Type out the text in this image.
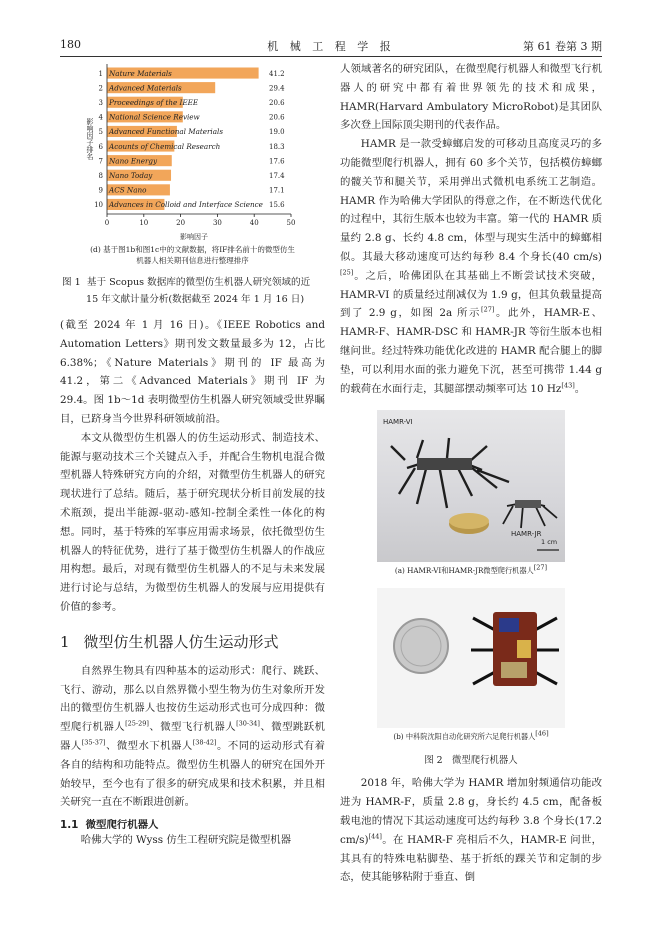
180	机 械 工 程 学 报	第 61 卷第 3 期
1 Nature Materials	41.2
2 Advanced Materials	29.4
3 Proceedings of the IEEE	20.6
4 National Science Review	20.6
5 Advanced Functional Materials	19.0
6 Acounts of Chemical Research	18.3
7 Nano Energy	17.6
8 Nano Today	17.4
9 ACS Nano	17.1
10 Advances in Colloid and Interface Science 15.6
0	10	20	30	40	50
影响因子
影响因子排名
(d) 基于图1b和图1c中的文献数据，将IF排名前十的微型仿生
机器人相关期刊信息进行整理排序
图 1 基于 Scopus 数据库的微型仿生机器人研究领域的近
15 年文献计量分析(数据截至 2024 年 1 月 16 日)

(截至 2024 年 1 月 16 日)。《IEEE Robotics and Automation Letters》期刊发文数量最多为 12，占比 6.38%；《Nature Materials》期刊的 IF 最高为 41.2，第二《Advanced Materials》期刊 IF 为 29.4。图 1b～1d 表明微型仿生机器人研究领域受世界瞩目，已跻身当今世界科研领域前沿。

本文从微型仿生机器人的仿生运动形式、制造技术、能源与驱动技术三个关键点入手，并配合生物机电混合微型机器人特殊研究方向的介绍，对微型仿生机器人的研究现状进行了总结。随后，基于研究现状分析目前发展的技术瓶颈，提出半能源-驱动-感知-控制全柔性一体化的构想。同时，基于特殊的军事应用需求场景，依托微型仿生机器人的特征优势，进行了基于微型仿生机器人的作战应用构想。最后，对现有微型仿生机器人的不足与未来发展进行讨论与总结，为微型仿生机器人的发展与应用提供有价值的参考。

1 微型仿生机器人仿生运动形式

自然界生物具有四种基本的运动形式：爬行、跳跃、飞行、游动，那么以自然界微小型生物为仿生对象所开发出的微型仿生机器人也按仿生运动形式也可分成四种：微型爬行机器人[25-29]、微型飞行机器人[30-34]、微型跳跃机器人[35-37]、微型水下机器人[38-42]。不同的运动形式有着各自的结构和功能特点。微型仿生机器人的研究在国外开始较早，至今也有了很多的研究成果和技术积累，并且相关研究一直在不断跟进创新。

1.1 微型爬行机器人

哈佛大学的 Wyss 仿生工程研究院是微型机器

人领域著名的研究团队，在微型爬行机器人和微型飞行机器人的研究中都有着世界领先的技术和成果，HAMR(Harvard Ambulatory MicroRobot)是其团队多次登上国际顶尖期刊的代表作品。

HAMR 是一款受蟑螂启发的可移动且高度灵巧的多功能微型爬行机器人，拥有 60 多个关节，包括模仿蟑螂的髋关节和腿关节，采用弹出式微机电系统工艺制造。HAMR 作为哈佛大学团队的得意之作，在不断迭代优化的过程中，其衍生版本也较为丰富。第一代的 HAMR 质量约 2.8 g、长约 4.8 cm，体型与现实生活中的蟑螂相似。其最大移动速度可达约每秒 8.4 个身长(40 cm/s)[25]。之后，哈佛团队在其基础上不断尝试技术突破，HAMR-VI 的质量经过削减仅为 1.9 g，但其负载量提高到了 2.9 g，如图 2a 所示[27]。此外，HAMR-E、HAMR-F、HAMR-DSC 和 HAMR-JR 等衍生版本也相继问世。经过特殊功能优化改进的 HAMR 配合腿上的脚垫，可以利用水面的张力避免下沉，甚至可携带 1.44 g 的载荷在水面行走，其腿部摆动频率可达 10 Hz[43]。

HAMR-VI
HAMR-JR
1 cm
(a) HAMR-VI和HAMR-JR微型爬行机器人[27]
(b) 中科院沈阳自动化研究所六足爬行机器人[46]
图 2　微型爬行机器人

2018 年，哈佛大学为 HAMR 增加射频通信功能改进为 HAMR-F，质量 2.8 g，身长约 4.5 cm，配备板载电池的情况下其运动速度可达约每秒 3.8 个身长(17.2 cm/s)[44]。在 HAMR-F 亮相后不久，HAMR-E 问世，其具有的特殊电粘脚垫、基于折纸的踝关节和定制的步态，使其能够粘附于垂直、倒
